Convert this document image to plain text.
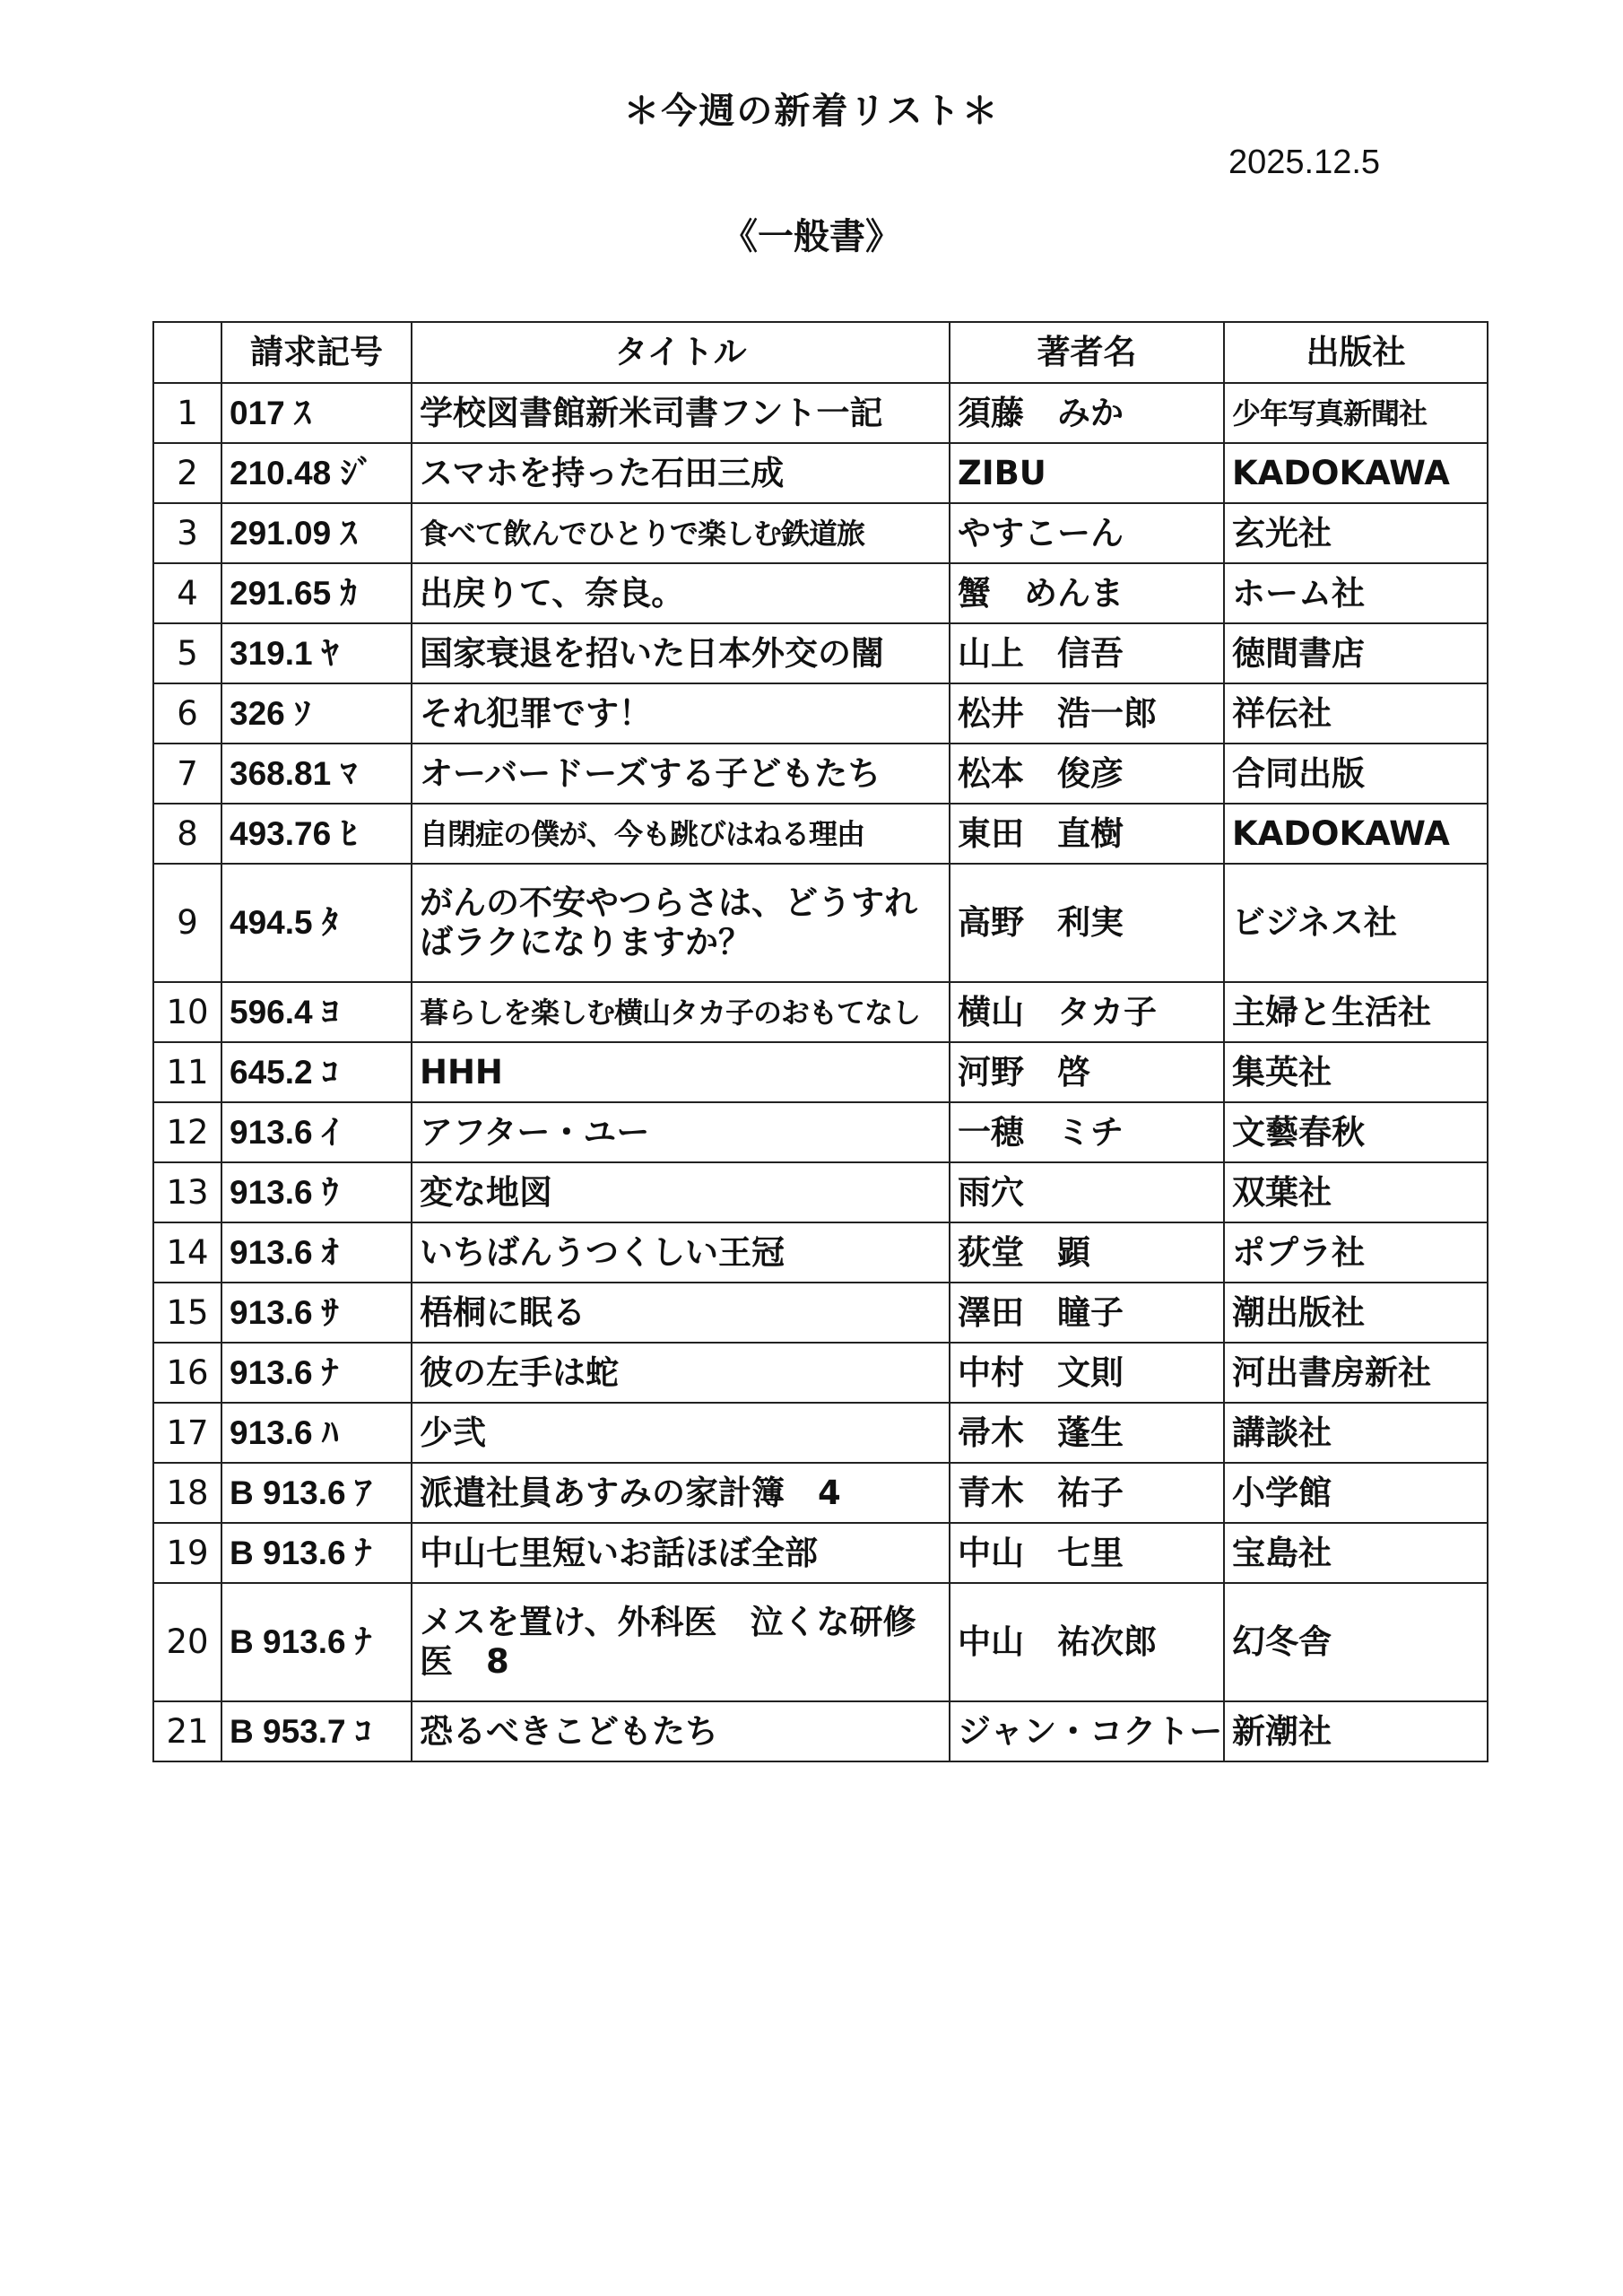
＊今週の新着リスト＊
2025.12.5
《一般書》
	請求記号	タイトル	著者名	出版社
1	017 ｽ	学校図書館新米司書フント一記	須藤　みか	少年写真新聞社
2	210.48 ｼﾞ	スマホを持った石田三成	ZIBU	KADOKAWA
3	291.09 ｽ	食べて飲んでひとりで楽しむ鉄道旅	やすこーん	玄光社
4	291.65 ｶ	出戻りて、奈良。	蟹　めんま	ホーム社
5	319.1 ﾔ	国家衰退を招いた日本外交の闇	山上　信吾	徳間書店
6	326 ｿ	それ犯罪です！	松井　浩一郎	祥伝社
7	368.81 ﾏ	オーバードーズする子どもたち	松本　俊彦	合同出版
8	493.76 ﾋ	自閉症の僕が、今も跳びはねる理由	東田　直樹	KADOKAWA
9	494.5 ﾀ	がんの不安やつらさは、どうすればラクになりますか？	高野　利実	ビジネス社
10	596.4 ﾖ	暮らしを楽しむ横山タカ子のおもてなし	横山　タカ子	主婦と生活社
11	645.2 ｺ	HHH	河野　啓	集英社
12	913.6 ｲ	アフター・ユー	一穂　ミチ	文藝春秋
13	913.6 ｳ	変な地図	雨穴	双葉社
14	913.6 ｵ	いちばんうつくしい王冠	荻堂　顕	ポプラ社
15	913.6 ｻ	梧桐に眠る	澤田　瞳子	潮出版社
16	913.6 ﾅ	彼の左手は蛇	中村　文則	河出書房新社
17	913.6 ﾊ	少弐	帚木　蓬生	講談社
18	B 913.6 ｱ	派遣社員あすみの家計簿　4	青木　祐子	小学館
19	B 913.6 ﾅ	中山七里短いお話ほぼ全部	中山　七里	宝島社
20	B 913.6 ﾅ	メスを置け、外科医　泣くな研修医　8	中山　祐次郎	幻冬舎
21	B 953.7 ｺ	恐るべきこどもたち	ジャン・コクトー	新潮社
